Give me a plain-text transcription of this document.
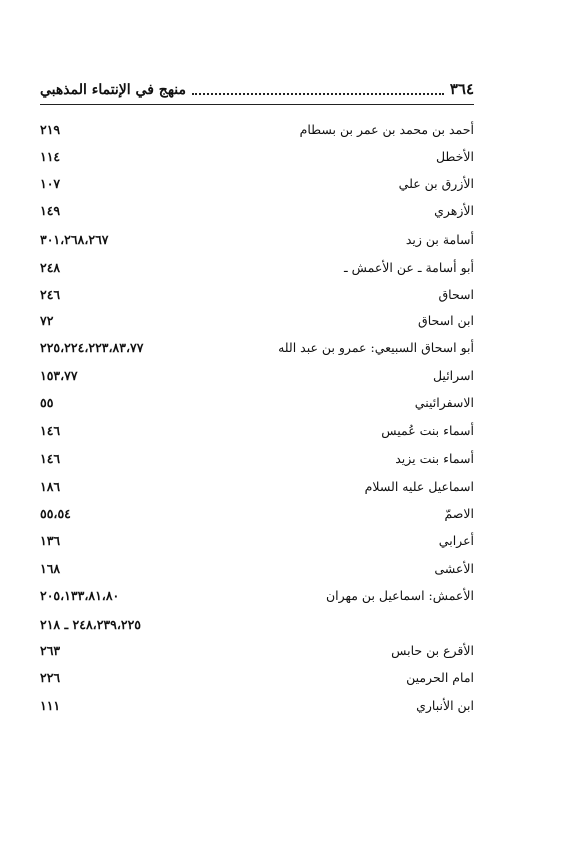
٣٦٤
منهج في الإنتماء المذهبي
أحمد بن محمد بن عمر بن بسطام
٢١٩
الأخطل
١١٤
الأزرق بن علي
١٠٧
الأزهري
١٤٩
أسامة بن زيد
٣٠١،٢٦٨،٢٦٧
أبو أسامة ـ عن الأعمش ـ
٢٤٨
اسحاق
٢٤٦
ابن اسحاق
٧٢
أبو اسحاق السبيعي: عمرو بن عبد الله
٢٢٥،٢٢٤،٢٢٣،٨٣،٧٧
اسرائيل
١٥٣،٧٧
الاسفرائيني
٥٥
أسماء بنت عُميس
١٤٦
أسماء بنت يزيد
١٤٦
اسماعيل عليه السلام
١٨٦
الاصمّ
٥٥،٥٤
أعرابي
١٣٦
الأعشى
١٦٨
الأعمش: اسماعيل بن مهران
٢٠٥،١٣٣،٨١،٨٠
٢٤٨،٢٣٩،٢٢٥ ـ ٢١٨
الأقرع بن حابس
٢٦٣
امام الحرمين
٢٢٦
ابن الأنباري
١١١
